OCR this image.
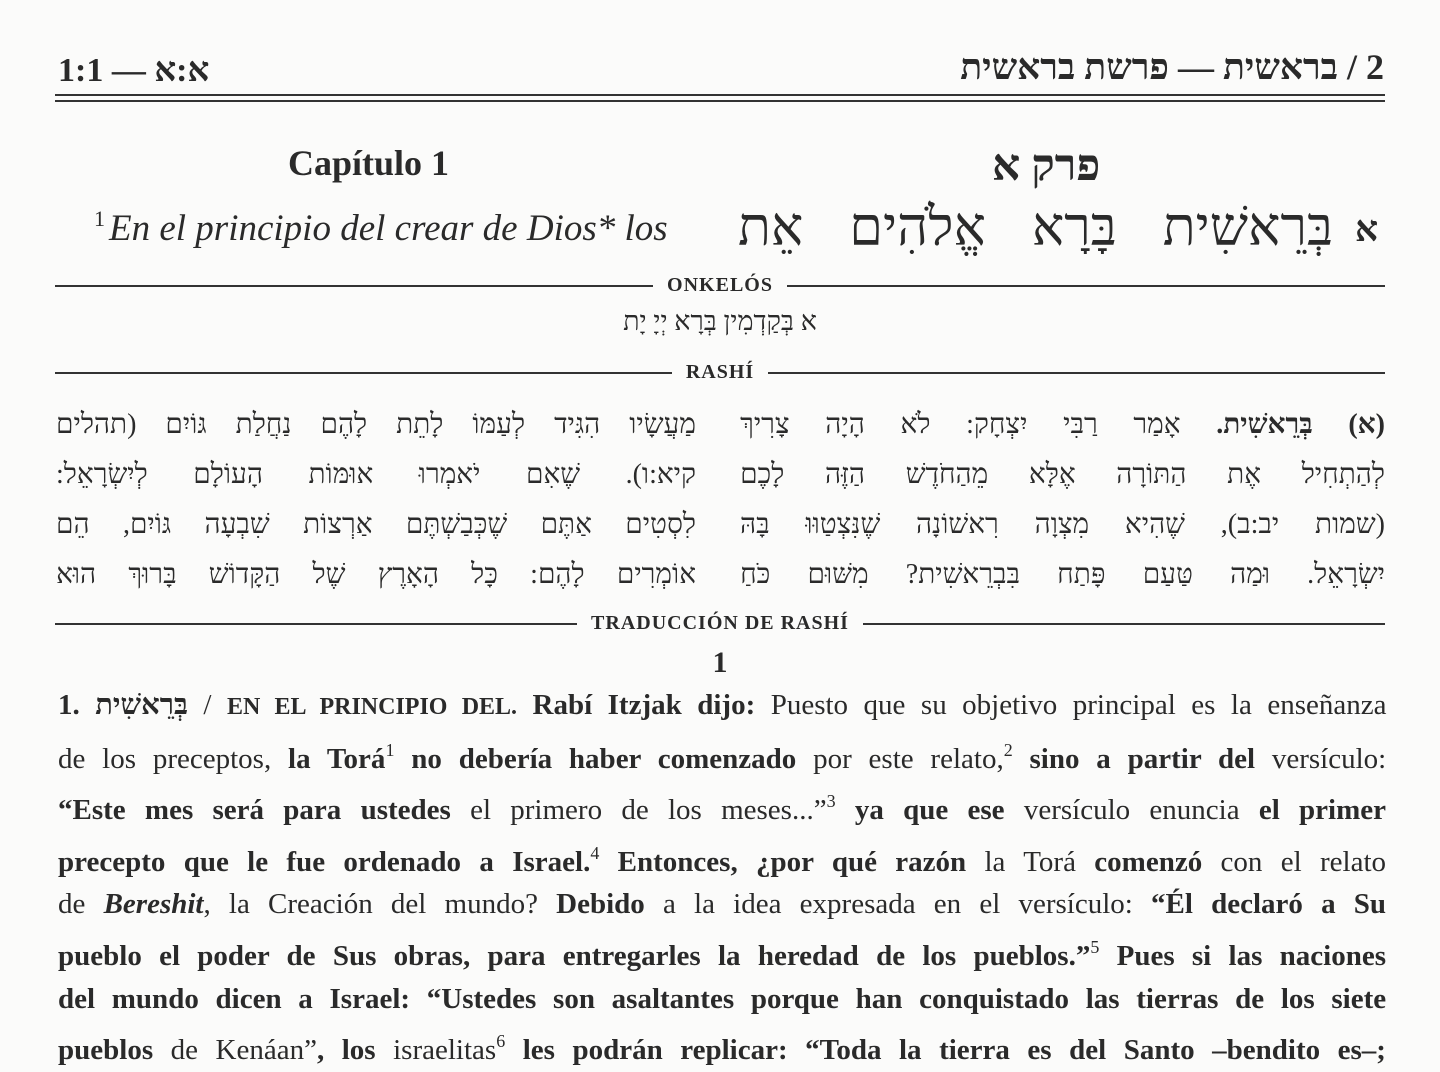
1:1 — א:א	2 / בראשית — פרשת בראשית
Capítulo 1	פרק א
$^1$ En el principio del crear de Dios* los	א
בְּרֵאשִׁית
בָּרָא
אֱלֹהִים
אֵת
ONKELÓS
א בְּקַדְמִין בְּרָא יְיָ יָת
RASHÍ
(א)
בְּרֵאשִׁית.
אָמַר
רַבִּי
יִצְחָק:
לֹא
הָיָה
צָרִיךְ
לְהַתְחִיל
אֶת
הַתּוֹרָה
אֶלָּא
מֵהַחֹדֶשׁ
הַזֶּה
לָכֶם
(שמות
יב:ב),
שֶׁהִיא
מִצְוָה
רִאשׁוֹנָה
שֶׁנִּצְטַוּוּ
בָּהּ
יִשְׂרָאֵל.
וּמַה
טַּעַם
פָּתַח
בִּבְרֵאשִׁית?
מִשּׁוּם
כֹּחַ
מַעֲשָׂיו
הִגִּיד
לְעַמּוֹ
לָתֵת
לָהֶם
נַחֲלַת
גּוֹיִם
(תהלים
קיא:ו).
שֶׁאִם
יֹאמְרוּ
אוּמּוֹת
הָעוֹלָם
לְיִשְׂרָאֵל:
לִסְטִים
אַתֶּם
שֶׁכְּבַשְׁתֶּם
אַרְצוֹת
שִׁבְעָה
גּוֹיִם,
הֵם
אוֹמְרִים
לָהֶם:
כָּל
הָאָרֶץ
שֶׁל
הַקָּדוֹשׁ
בָּרוּךְ
הוּא
TRADUCCIÓN DE RASHÍ
1

1. בְּרֵאשִׁית / EN EL PRINCIPIO DEL. Rabí Itzjak dijo: Puesto que su objetivo principal es la enseñanza

de los preceptos, la Torá$^1$ no debería haber comenzado por este relato,$^2$ sino a partir del versículo:

“Este mes será para ustedes el primero de los meses...”$^3$ ya que ese versículo enuncia el primer

precepto que le fue ordenado a Israel.$^4$ Entonces, ¿por qué razón la Torá comenzó con el relato

de Bereshit, la Creación del mundo? Debido a la idea expresada en el versículo: “Él declaró a Su

pueblo el poder de Sus obras, para entregarles la heredad de los pueblos.”$^5$ Pues si las naciones

del mundo dicen a Israel: “Ustedes son asaltantes porque han conquistado las tierras de los siete

pueblos de Kenáan”, los israelitas$^6$ les podrán replicar: “Toda la tierra es del Santo –bendito es–;
